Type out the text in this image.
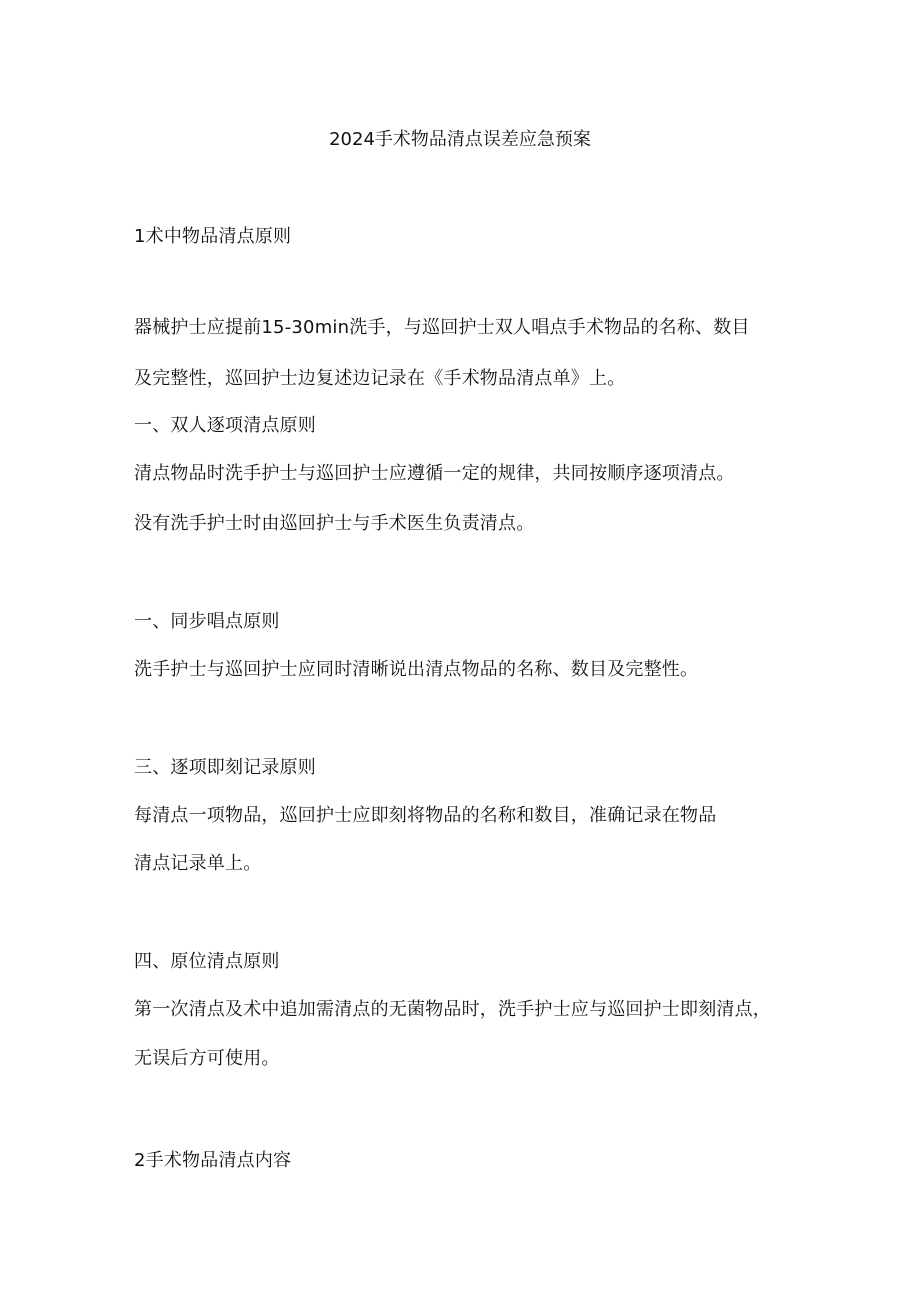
2024手术物品清点误差应急预案
1术中物品清点原则
器械护士应提前15-30min洗手，与巡回护士双人唱点手术物品的名称、数目
及完整性，巡回护士边复述边记录在《手术物品清点单》上。
一、双人逐项清点原则
清点物品时洗手护士与巡回护士应遵循一定的规律，共同按顺序逐项清点。
没有洗手护士时由巡回护士与手术医生负责清点。
一、同步唱点原则
洗手护士与巡回护士应同时清晰说出清点物品的名称、数目及完整性。
三、逐项即刻记录原则
每清点一项物品，巡回护士应即刻将物品的名称和数目，准确记录在物品
清点记录单上。
四、原位清点原则
第一次清点及术中追加需清点的无菌物品时，洗手护士应与巡回护士即刻清点，
无误后方可使用。
2手术物品清点内容
